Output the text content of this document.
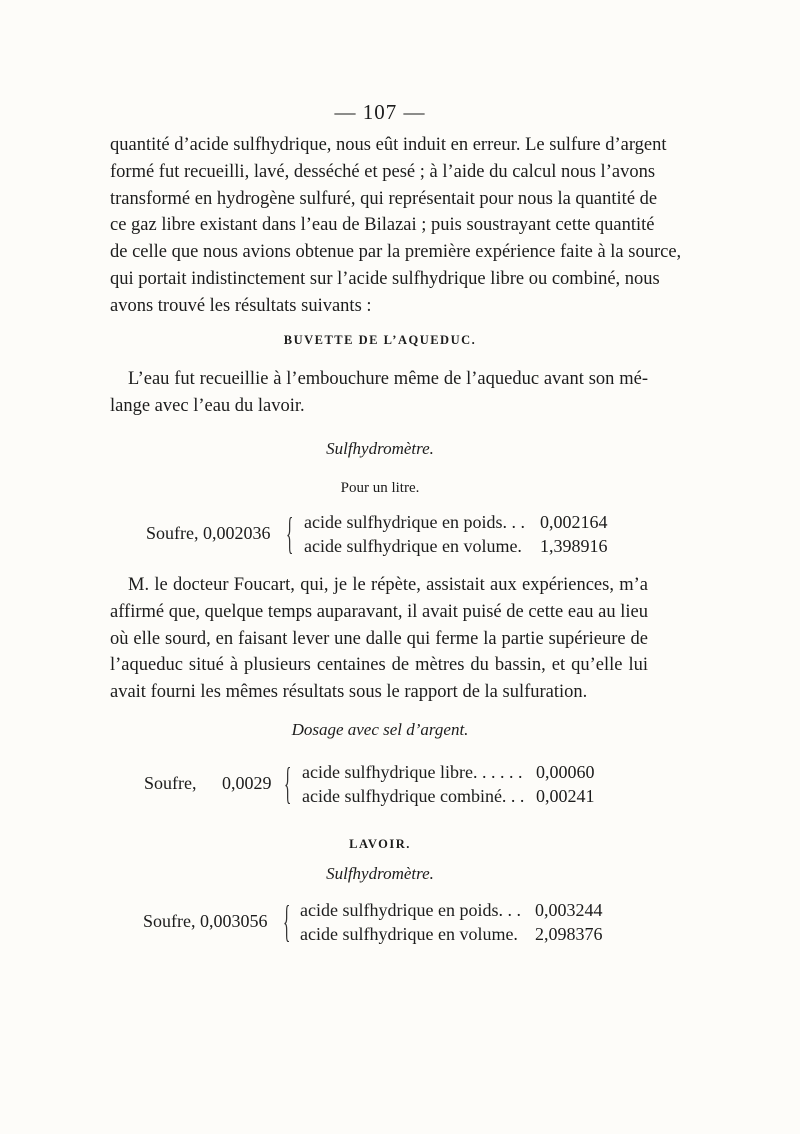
— 107 —
quantité d’acide sulfhydrique, nous eût induit en erreur. Le sulfure d’argent
formé fut recueilli, lavé, desséché et pesé ; à l’aide du calcul nous l’avons
transformé en hydrogène sulfuré, qui représentait pour nous la quantité de
ce gaz libre existant dans l’eau de Bilazai ; puis soustrayant cette quantité
de celle que nous avions obtenue par la première expérience faite à la source,
qui portait indistinctement sur l’acide sulfhydrique libre ou combiné, nous
avons trouvé les résultats suivants :
BUVETTE DE L’AQUEDUC.
L’eau fut recueillie à l’embouchure même de l’aqueduc avant son mé-
lange avec l’eau du lavoir.
Sulfhydromètre.
Pour un litre.
Soufre, 0,002036 { acide sulfhydrique en poids. . . 0,002164
acide sulfhydrique en volume. 1,398916
M. le docteur Foucart, qui, je le répète, assistait aux expériences, m’a
affirmé que, quelque temps auparavant, il avait puisé de cette eau au lieu
où elle sourd, en faisant lever une dalle qui ferme la partie supérieure de
l’aqueduc situé à plusieurs centaines de mètres du bassin, et qu’elle lui
avait fourni les mêmes résultats sous le rapport de la sulfuration.
Dosage avec sel d’argent.
Soufre, 0,0029 { acide sulfhydrique libre. . . . . . 0,00060
acide sulfhydrique combiné. . . 0,00241
LAVOIR.
Sulfhydromètre.
Soufre, 0,003056 { acide sulfhydrique en poids. . . 0,003244
acide sulfhydrique en volume. 2,098376
